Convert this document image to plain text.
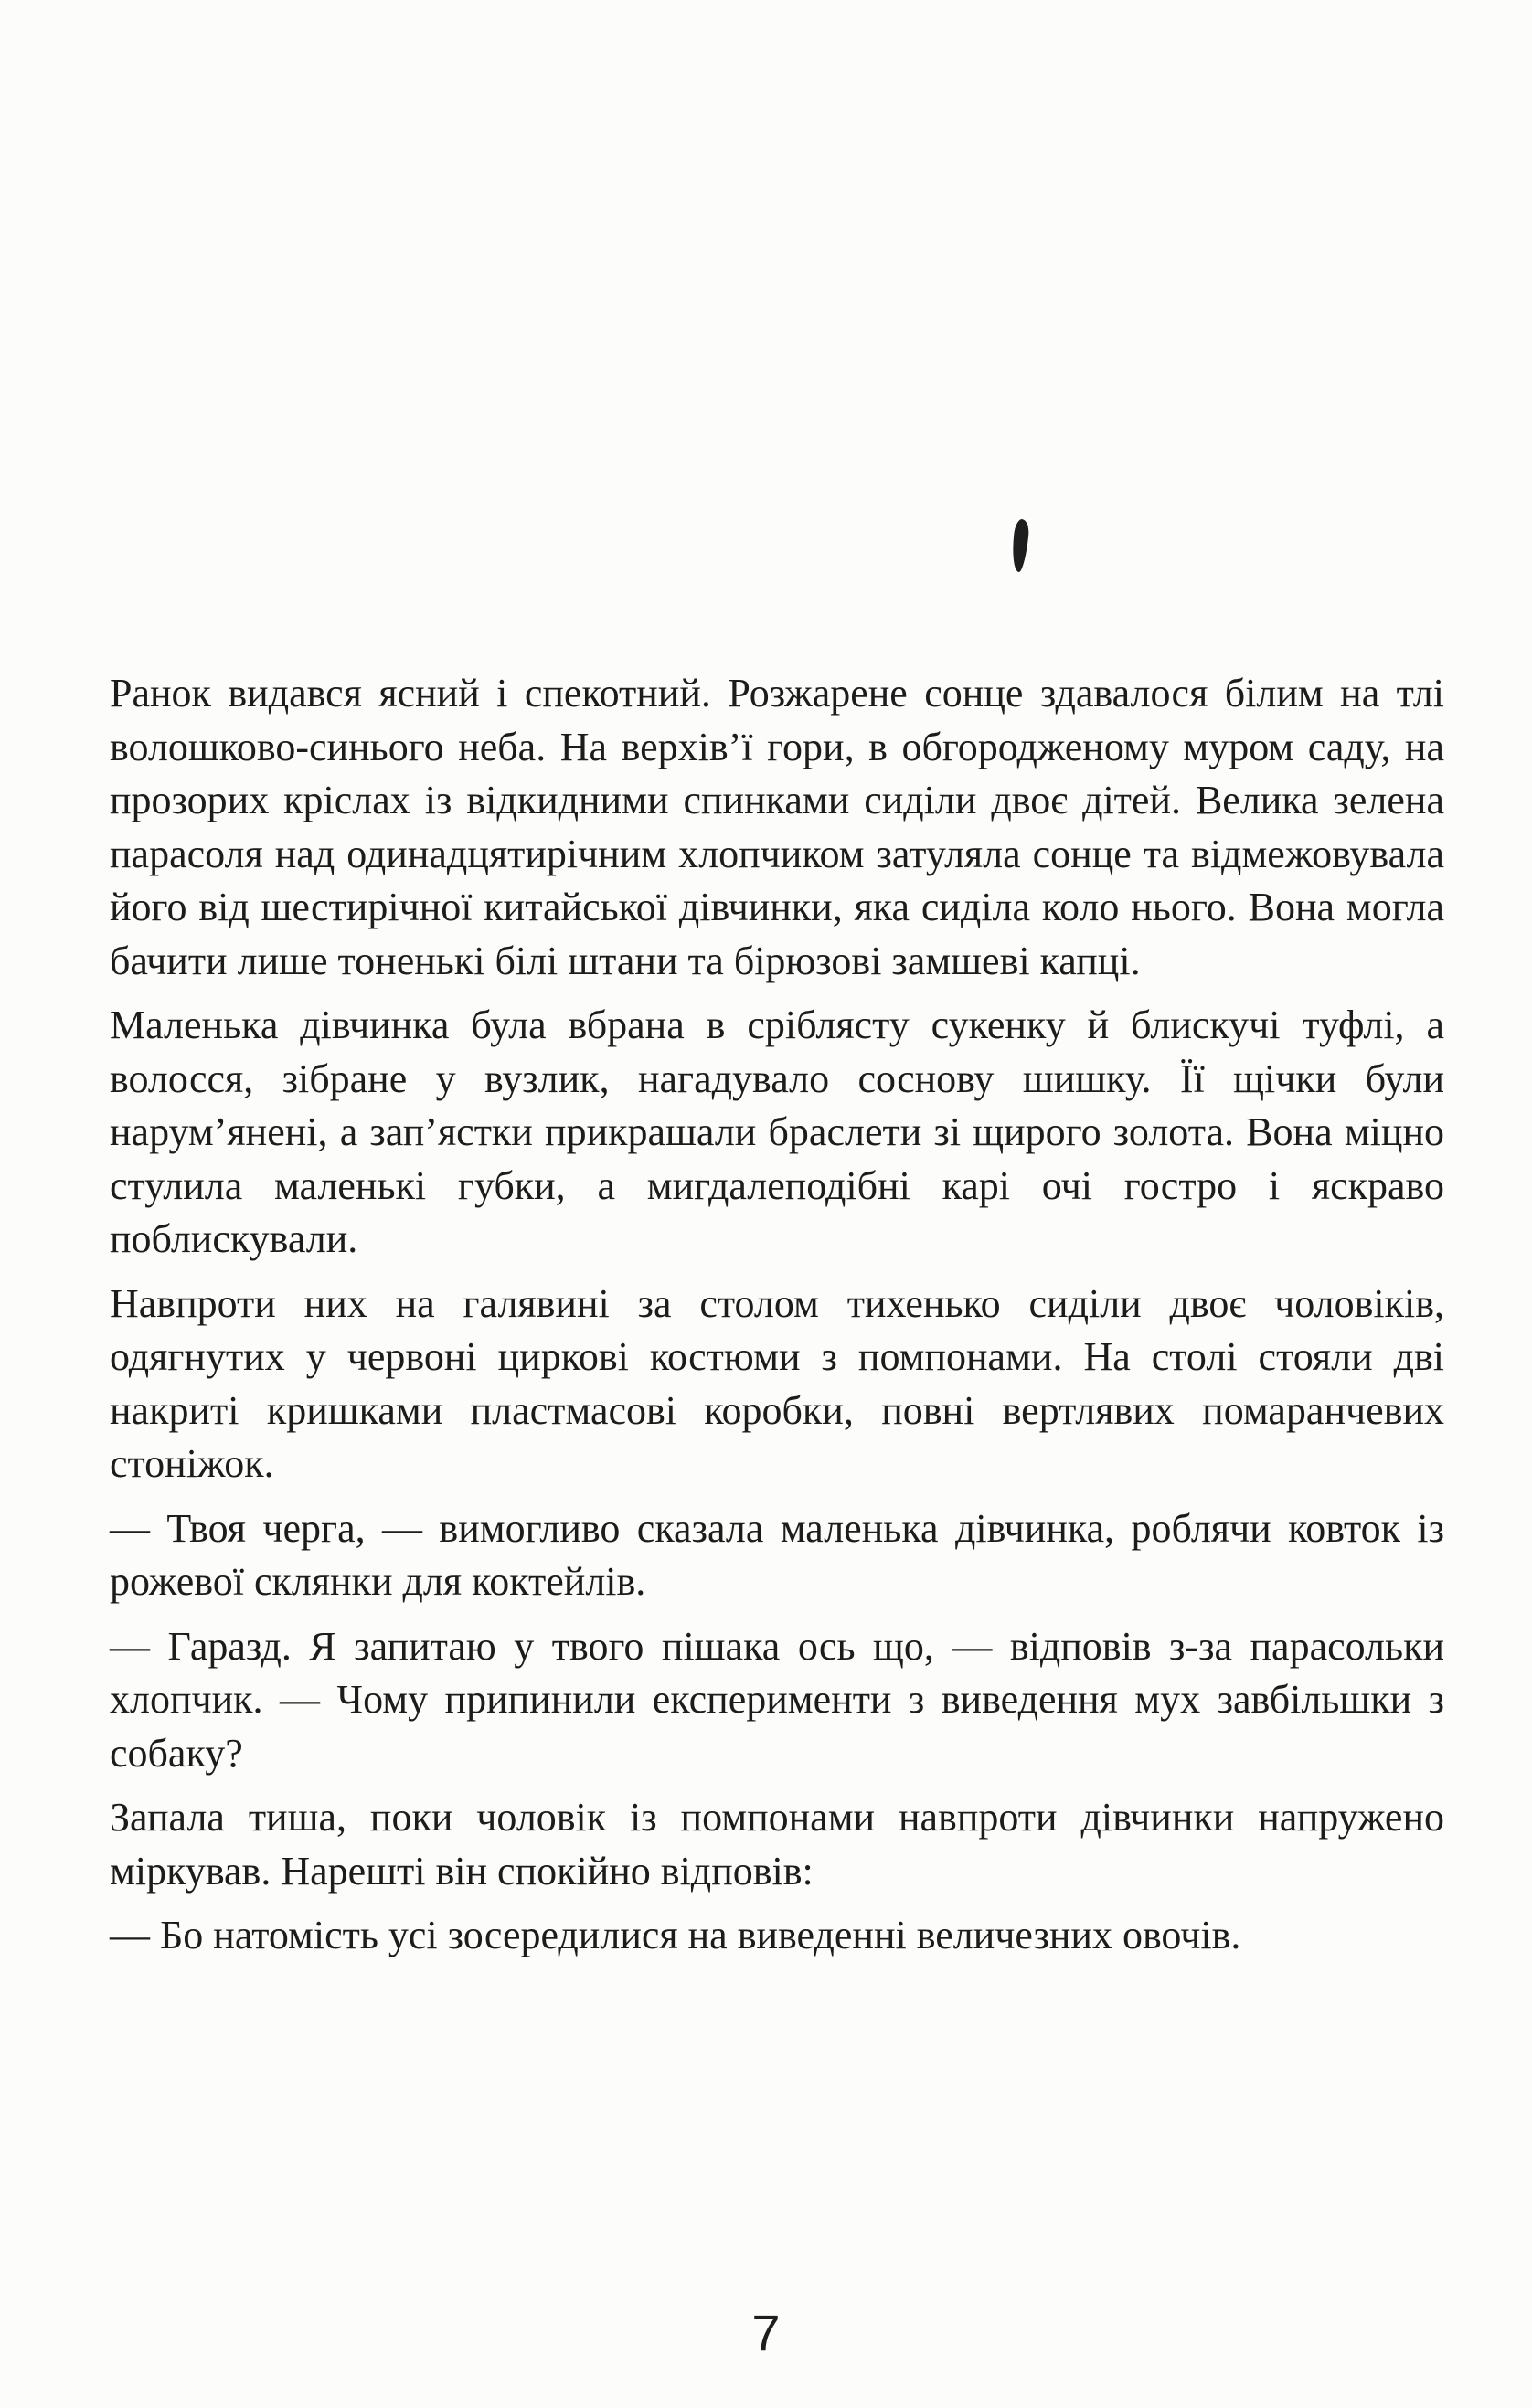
Ранок видався ясний і спекотний. Розжарене сонце здавалося білим на тлі волошково-синього неба. На верхів’ї гори, в обгородженому муром саду, на прозорих кріслах із відкидними спинками сиділи двоє дітей. Велика зелена парасоля над одинадцятирічним хлопчиком затуляла сонце та відмежовувала його від шестирічної китайської дівчинки, яка сиділа коло нього. Вона могла бачити лише тоненькі білі штани та бірюзові замшеві капці.

Маленька дівчинка була вбрана в сріблясту сукенку й блискучі туфлі, а волосся, зібране у вузлик, нагадувало соснову шишку. Її щічки були нарум’янені, а зап’ястки прикрашали браслети зі щирого золота. Вона міцно стулила маленькі губки, а мигдалеподібні карі очі гостро і яскраво поблискували.

Навпроти них на галявині за столом тихенько сиділи двоє чоловіків, одягнутих у червоні циркові костюми з помпонами. На столі стояли дві накриті кришками пластмасові коробки, повні вертлявих помаранчевих стоніжок.

— Твоя черга, — вимогливо сказала маленька дівчинка, роблячи ковток із рожевої склянки для коктейлів.

— Гаразд. Я запитаю у твого пішака ось що, — відповів з-за парасольки хлопчик. — Чому припинили експерименти з виведення мух завбільшки з собаку?

Запала тиша, поки чоловік із помпонами навпроти дівчинки напружено міркував. Нарешті він спокійно відповів:

— Бо натомість усі зосередилися на виведенні величезних овочів.

7
